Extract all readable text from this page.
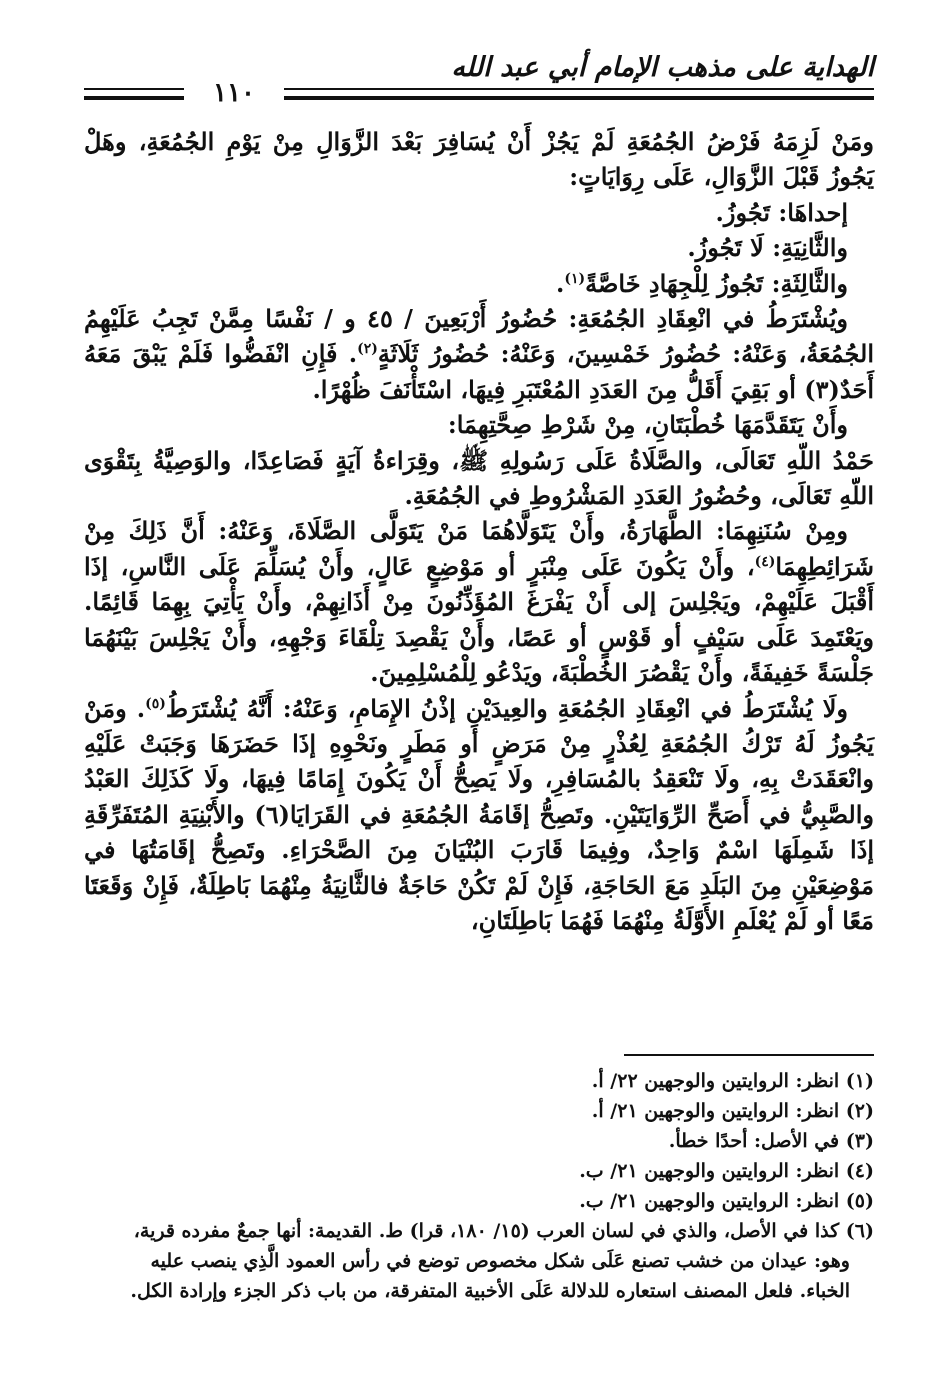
الهداية على مذهب الإمام أبي عبد الله
١١٠

ومَنْ لَزِمَهُ فَرْضُ الجُمُعَةِ لَمْ يَجُزْ أَنْ يُسَافِرَ بَعْدَ الزَّوَالِ مِنْ يَوْمِ الجُمُعَةِ، وهَلْ يَجُوزُ قَبْلَ الزَّوَالِ، عَلَى رِوَايَاتٍ:

إحداهَا: تَجُوزُ.

والثَّانِيَةِ: لَا تَجُوزُ.

والثَّالِثَةِ: تَجُوزُ لِلْجِهَادِ خَاصَّةً$^{(١)}$.

ويُشْتَرَطُ في انْعِقَادِ الجُمُعَةِ: حُضُورُ أَرْبَعِينَ / ٤٥ و / نَفْسًا مِمَّنْ تَجِبُ عَلَيْهِمُ الجُمُعَةُ، وَعَنْهُ: حُضُورُ خَمْسِينَ، وَعَنْهُ: حُضُورُ ثَلَاثَةٍ$^{(٢)}$. فَإِنِ انْفَضُّوا فَلَمْ يَبْقَ مَعَهُ أَحَدٌ(٣) أو بَقِيَ أَقَلُّ مِنَ العَدَدِ المُعْتَبَرِ فِيهَا، اسْتَأْنَفَ ظُهْرًا.

وأَنْ يَتَقَدَّمَهَا خُطْبَتَانِ، مِنْ شَرْطِ صِحَّتِهِمَا:

حَمْدُ اللّهِ تَعَالَى، والصَّلَاةُ عَلَى رَسُولِهِ ﷺ، وقِرَاءةُ آيَةٍ فَصَاعِدًا، والوَصِيَّةُ بِتَقْوَى اللّهِ تَعَالَى، وحُضُورُ العَدَدِ المَشْرُوطِ في الجُمُعَةِ.

ومِنْ سُنَنِهِمَا: الطَّهَارَةُ، وأَنْ يَتَوَلَّاهُمَا مَنْ يَتَوَلَّى الصَّلَاةَ، وَعَنْهُ: أَنَّ ذَلِكَ مِنْ شَرَائِطِهِمَا$^{(٤)}$، وأَنْ يَكُونَ عَلَى مِنْبَرٍ أو مَوْضِعٍ عَالٍ، وأَنْ يُسَلِّمَ عَلَى النَّاسِ، إذَا أَقْبَلَ عَلَيْهِمْ، ويَجْلِسَ إلى أَنْ يَفْرَغَ المُؤَذِّنُونَ مِنْ أَذَانِهِمْ، وأَنْ يَأْتِيَ بِهِمَا قَائِمًا. ويَعْتَمِدَ عَلَى سَيْفٍ أو قَوْسٍ أو عَصًا، وأَنْ يَقْصِدَ تِلْقَاءَ وَجْهِهِ، وأَنْ يَجْلِسَ بَيْنَهُمَا جَلْسَةً خَفِيفَةً، وأَنْ يَقْصُرَ الخُطْبَةَ، ويَدْعُو لِلْمُسْلِمِينَ.

ولَا يُشْتَرَطُ في انْعِقَادِ الجُمُعَةِ والعِيدَيْنِ إذْنُ الإِمَامِ، وَعَنْهُ: أَنَّهُ يُشْتَرَطُ$^{(٥)}$. ومَنْ يَجُوزُ لَهُ تَرْكُ الجُمُعَةِ لِعُذْرٍ مِنْ مَرَضٍ أو مَطَرٍ ونَحْوِهِ إذَا حَضَرَهَا وَجَبَتْ عَلَيْهِ وانْعَقَدَتْ بِهِ، ولَا تَنْعَقِدُ بالمُسَافِرِ، ولَا يَصِحُّ أَنْ يَكُونَ إِمَامًا فِيهَا، ولَا كَذَلِكَ العَبْدُ والصَّبِيُّ في أَصَحِّ الرِّوَايَتَيْنِ. وتَصِحُّ إقَامَةُ الجُمُعَةِ في القَرَايَا(٦) والأَبْنِيَةِ المُتَفَرِّقَةِ إذَا شَمِلَهَا اسْمٌ وَاحِدٌ، وفِيمَا قَارَبَ البُنْيَانَ مِنَ الصَّحْرَاءِ. وتَصِحُّ إقَامَتُهَا في مَوْضِعَيْنِ مِنَ البَلَدِ مَعَ الحَاجَةِ، فَإِنْ لَمْ تَكُنْ حَاجَةٌ فالثَّانِيَةُ مِنْهُمَا بَاطِلَةٌ، فَإِنْ وَقَعَتَا مَعًا أو لَمْ يُعْلَمِ الأَوَّلَةُ مِنْهُمَا فَهُمَا بَاطِلَتَانِ،

(١) انظر: الروايتين والوجهين ٢٢/ أ.

(٢) انظر: الروايتين والوجهين ٢١/ أ.

(٣) في الأصل: أحدًا خطأ.

(٤) انظر: الروايتين والوجهين ٢١/ ب.

(٥) انظر: الروايتين والوجهين ٢١/ ب.

(٦) كذا في الأصل، والذي في لسان العرب (١٥/ ١٨٠، قرا) ط. القديمة: أنها جمعٌ مفرده قرية،

وهو: عيدان من خشب تصنع عَلَى شكل مخصوص توضع في رأس العمود الَّذِي ينصب عليه

الخباء. فلعل المصنف استعاره للدلالة عَلَى الأخبية المتفرقة، من باب ذكر الجزء وإرادة الكل.
